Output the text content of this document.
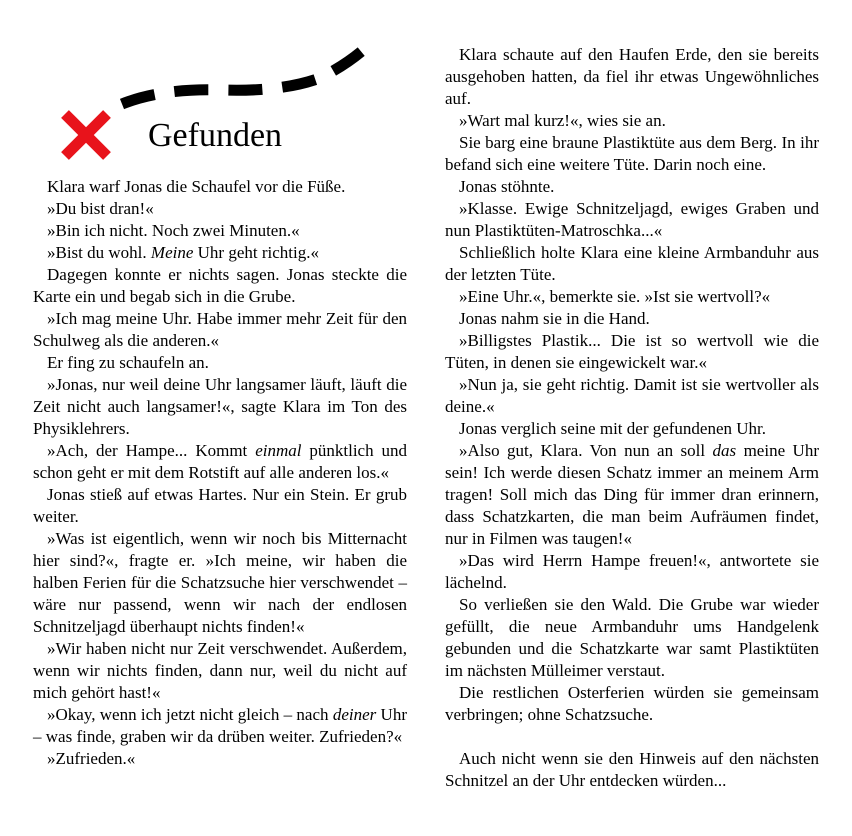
Gefunden

Klara warf Jonas die Schaufel vor die Füße.

»Du bist dran!«

»Bin ich nicht. Noch zwei Minuten.«

»Bist du wohl. Meine Uhr geht richtig.«

Dagegen konnte er nichts sagen. Jonas steckte die Karte ein und begab sich in die Grube.

»Ich mag meine Uhr. Habe immer mehr Zeit für den Schulweg als die anderen.«

Er fing zu schaufeln an.

»Jonas, nur weil deine Uhr langsamer läuft, läuft die Zeit nicht auch langsamer!«, sagte Klara im Ton des Physiklehrers.

»Ach, der Hampe... Kommt einmal pünktlich und schon geht er mit dem Rotstift auf alle anderen los.«

Jonas stieß auf etwas Hartes. Nur ein Stein. Er grub weiter.

»Was ist eigentlich, wenn wir noch bis Mitternacht hier sind?«, fragte er. »Ich meine, wir haben die halben Ferien für die Schatzsuche hier verschwendet – wäre nur passend, wenn wir nach der endlosen Schnitzeljagd überhaupt nichts finden!«

»Wir haben nicht nur Zeit verschwendet. Außerdem, wenn wir nichts finden, dann nur, weil du nicht auf mich gehört hast!«

»Okay, wenn ich jetzt nicht gleich – nach deiner Uhr – was finde, graben wir da drüben weiter. Zufrieden?«

»Zufrieden.«

Klara schaute auf den Haufen Erde, den sie bereits ausgehoben hatten, da fiel ihr etwas Ungewöhnliches auf.

»Wart mal kurz!«, wies sie an.

Sie barg eine braune Plastiktüte aus dem Berg. In ihr befand sich eine weitere Tüte. Darin noch eine.

Jonas stöhnte.

»Klasse. Ewige Schnitzeljagd, ewiges Graben und nun Plastiktüten-Matroschka...«

Schließlich holte Klara eine kleine Armbanduhr aus der letzten Tüte.

»Eine Uhr.«, bemerkte sie. »Ist sie wertvoll?«

Jonas nahm sie in die Hand.

»Billigstes Plastik... Die ist so wertvoll wie die Tüten, in denen sie eingewickelt war.«

»Nun ja, sie geht richtig. Damit ist sie wertvoller als deine.«

Jonas verglich seine mit der gefundenen Uhr.

»Also gut, Klara. Von nun an soll das meine Uhr sein! Ich werde diesen Schatz immer an meinem Arm tragen! Soll mich das Ding für immer dran erinnern, dass Schatzkarten, die man beim Aufräumen findet, nur in Filmen was taugen!«

»Das wird Herrn Hampe freuen!«, antwortete sie lächelnd.

So verließen sie den Wald. Die Grube war wieder gefüllt, die neue Armbanduhr ums Handgelenk gebunden und die Schatzkarte war samt Plastiktüten im nächsten Mülleimer verstaut.

Die restlichen Osterferien würden sie gemeinsam verbringen; ohne Schatzsuche.

Auch nicht wenn sie den Hinweis auf den nächsten Schnitzel an der Uhr entdecken würden...
